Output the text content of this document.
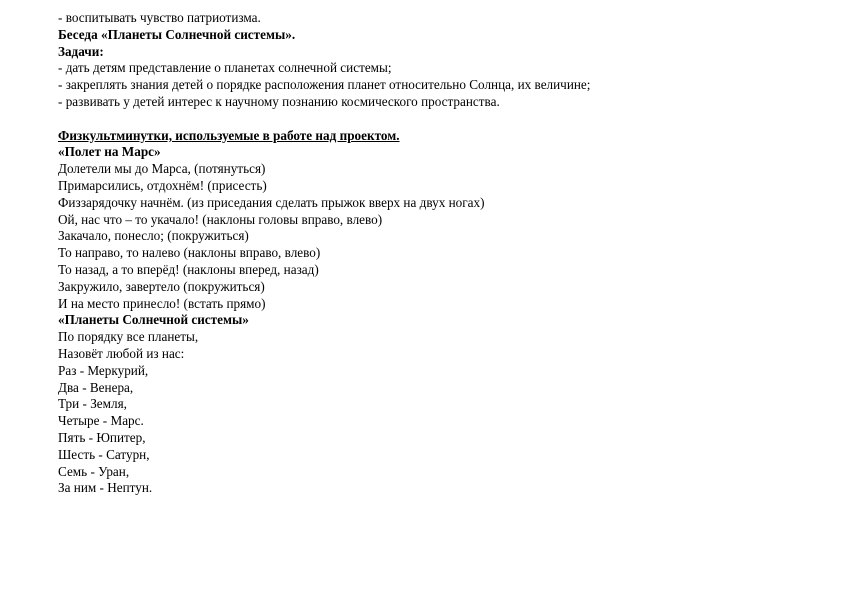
- воспитывать чувство патриотизма.
Беседа «Планеты Солнечной системы».
Задачи:
- дать детям представление о планетах солнечной системы;
- закреплять знания детей о порядке расположения планет относительно Солнца, их величине;
- развивать у детей интерес к научному познанию космического пространства.
Физкультминутки, используемые в работе над проектом.
«Полет на Марс»
Долетели мы до Марса, (потянуться)
Примарсились, отдохнём! (присесть)
Физзарядочку начнём. (из приседания сделать прыжок вверх на двух ногах)
Ой, нас что – то укачало! (наклоны головы вправо, влево)
Закачало, понесло; (покружиться)
То направо, то налево (наклоны вправо, влево)
То назад, а то вперёд! (наклоны вперед, назад)
Закружило, завертело (покружиться)
И на место принесло! (встать прямо)
«Планеты Солнечной системы»
По порядку все планеты,
Назовёт любой из нас:
Раз - Меркурий,
Два - Венера,
Три - Земля,
Четыре - Марс.
Пять - Юпитер,
Шесть - Сатурн,
Семь - Уран,
За ним - Нептун.
